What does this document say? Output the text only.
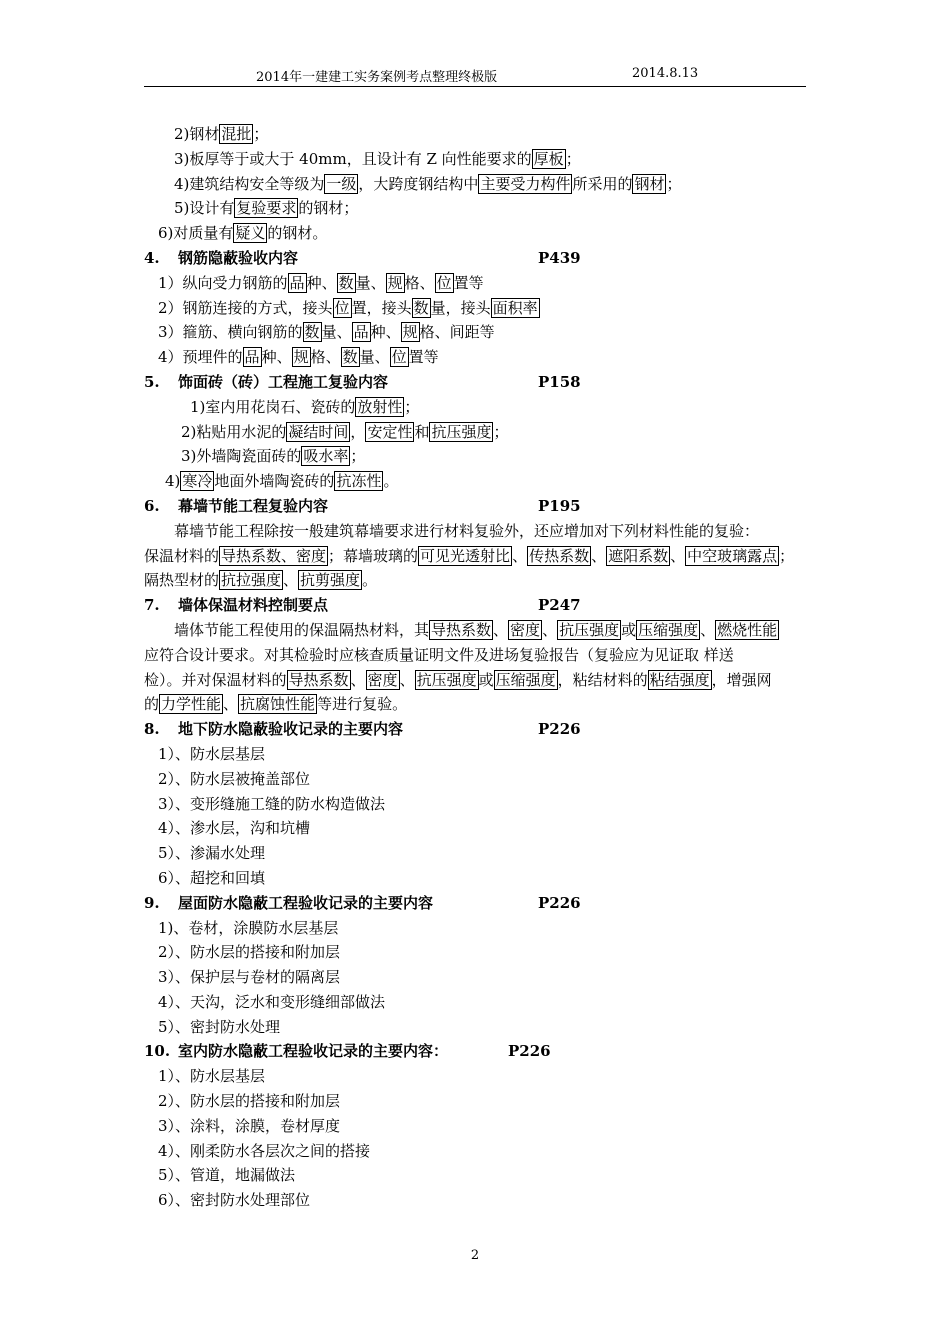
2014年一建建工实务案例考点整理终极版	2014.8.13
2)钢材 混批 ；
3)板厚等于或大于 40mm，且设计有 Z 向性能要求的 厚板 ；
4)建筑结构安全等级为 一级 ，大跨度钢结构中 主要受力构件 所采用的 钢材 ；
5)设计有 复验要求 的钢材；
6)对质量有 疑义 的钢材。
4. 钢筋隐蔽验收内容	P439
1）纵向受力钢筋的 品 种、 数 量、 规 格、 位 置等
2）钢筋连接的方式，接头 位 置，接头 数 量，接头 面积率
3）箍筋、横向钢筋的 数 量、 品 种、 规 格、间距等
4）预埋件的 品 种、 规 格、 数 量、 位 置等
5. 饰面砖（砖）工程施工复验内容	P158
1)室内用花岗石、瓷砖的 放射性 ；
2)粘贴用水泥的 凝结时间 ， 安定性 和 抗压强度 ；
3)外墙陶瓷面砖的 吸水率 ；
4) 寒冷 地面外墙陶瓷砖的 抗冻性 。
6. 幕墙节能工程复验内容	P195
幕墙节能工程除按一般建筑幕墙要求进行材料复验外，还应增加对下列材料性能的复验：
保温材料的 导热系数、密度 ；幕墙玻璃的 可见光透射比 、 传热系数 、 遮阳系数 、 中空玻璃露点 ；
隔热型材的 抗拉强度 、 抗剪强度 。
7. 墙体保温材料控制要点	P247
墙体节能工程使用的保温隔热材料，其 导热系数 、 密度 、 抗压强度 或 压缩强度 、 燃烧性能
应符合设计要求。对其检验时应核查质量证明文件及进场复验报告（复验应为见证取 样送
检）。并对保温材料的 导热系数 、 密度 、 抗压强度 或 压缩强度 ，粘结材料的 粘结强度 ，增强网
的 力学性能 、 抗腐蚀性能 等进行复验。
8. 地下防水隐蔽验收记录的主要内容	P226
1）、防水层基层
2）、防水层被掩盖部位
3）、变形缝施工缝的防水构造做法
4）、渗水层，沟和坑槽
5）、渗漏水处理
6）、超挖和回填
9. 屋面防水隐蔽工程验收记录的主要内容	P226
1)、卷材，涂膜防水层基层
2）、防水层的搭接和附加层
3）、保护层与卷材的隔离层
4）、天沟，泛水和变形缝细部做法
5）、密封防水处理
10. 室内防水隐蔽工程验收记录的主要内容：	P226
1）、防水层基层
2）、防水层的搭接和附加层
3）、涂料，涂膜，卷材厚度
4）、刚柔防水各层次之间的搭接
5）、管道，地漏做法
6）、密封防水处理部位
2
